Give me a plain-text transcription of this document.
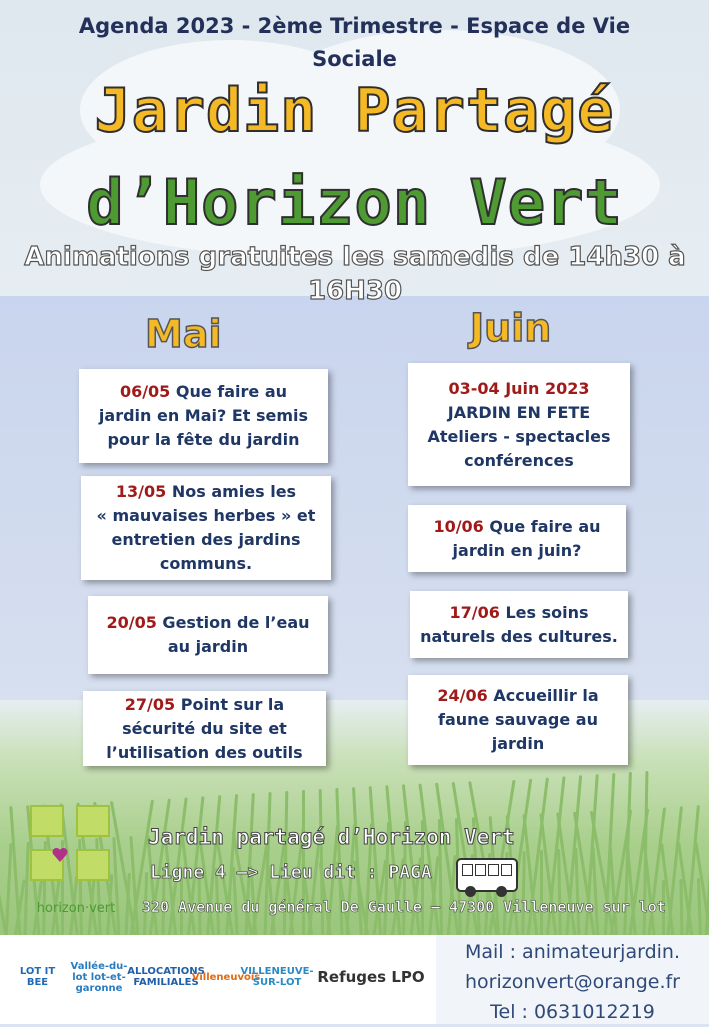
Agenda 2023 - 2ème Trimestre - Espace de Vie
Sociale
Jardin Partagé
d’Horizon Vert
Animations gratuites les samedis de 14h30 à
16H30
Mai	Juin
06/05 Que faire au
jardin en Mai? Et semis
pour la fête du jardin
13/05 Nos amies les
« mauvaises herbes » et
entretien des jardins
communs.
20/05 Gestion de l’eau
au jardin
27/05 Point sur la
sécurité du site et
l’utilisation des outils
03-04 Juin 2023
JARDIN EN FETE
Ateliers - spectacles
conférences
10/06 Que faire au
jardin en juin?
17/06 Les soins
naturels des cultures.
24/06 Accueillir la
faune sauvage au
jardin
horizon·vert
Jardin partagé d’Horizon Vert
Ligne 4 –> Lieu dit : PAGA
320 Avenue du général De Gaulle – 47300 Villeneuve sur lot
LOT IT BEE
Vallée-du-lot lot-et-garonne
ALLOCATIONS FAMILIALES
Villeneuvois
VILLENEUVE-SUR-LOT	Refuges LPO
Mail : animateurjardin.
horizonvert@orange.fr
Tel : 0631012219
